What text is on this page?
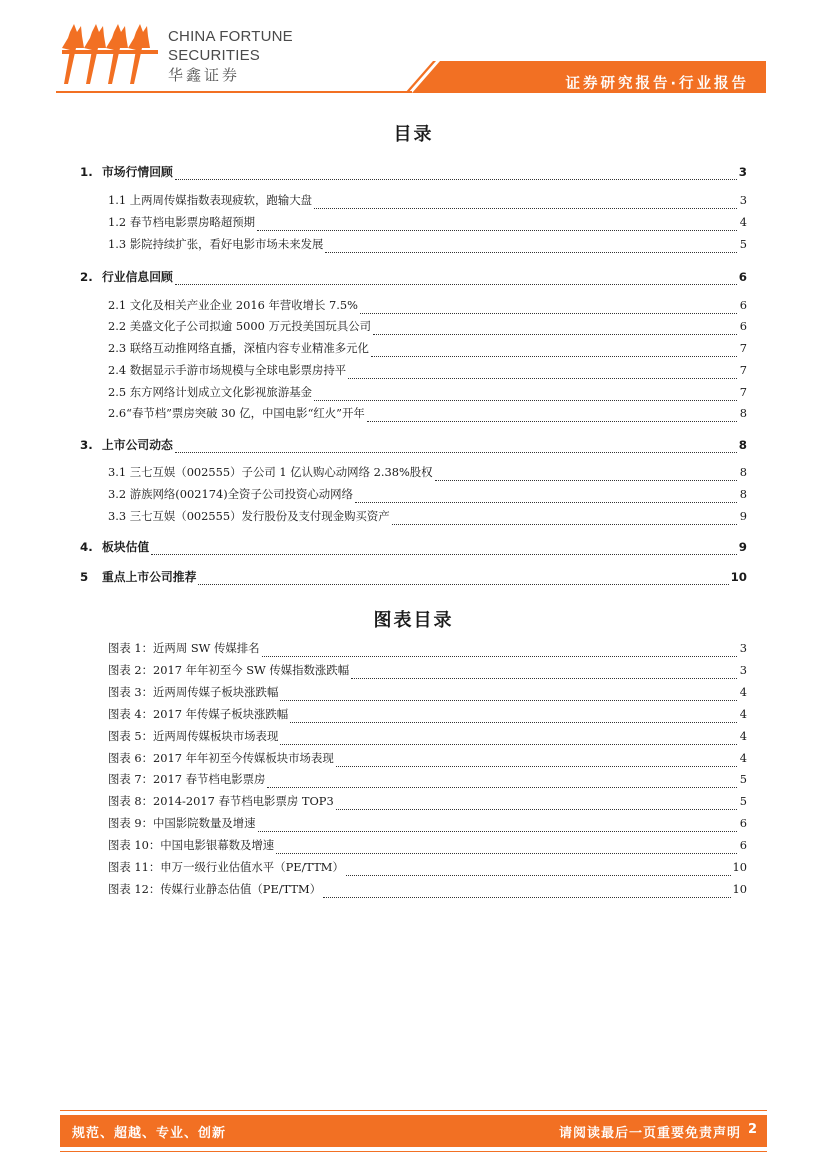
CHINA FORTUNE
SECURITIES
华鑫证券	证券研究报告·行业报告
目录
1. 市场行情回顾	3
1.1 上两周传媒指数表现疲软，跑输大盘	3
1.2 春节档电影票房略超预期	4
1.3 影院持续扩张，看好电影市场未来发展	5
2. 行业信息回顾	6
2.1 文化及相关产业企业 2016 年营收增长 7.5%	6
2.2 美盛文化子公司拟逾 5000 万元投美国玩具公司	6
2.3 联络互动推网络直播，深植内容专业精准多元化	7
2.4 数据显示手游市场规模与全球电影票房持平	7
2.5 东方网络计划成立文化影视旅游基金	7
2.6“春节档”票房突破 30 亿，中国电影“红火”开年	8
3. 上市公司动态	8
3.1 三七互娱（002555）子公司 1 亿认购心动网络 2.38%股权	8
3.2 游族网络(002174)全资子公司投资心动网络	8
3.3 三七互娱（002555）发行股份及支付现金购买资产	9
4. 板块估值	9
5	重点上市公司推荐	10
图表目录
图表 1：近两周 SW 传媒排名	3
图表 2：2017 年年初至今 SW 传媒指数涨跌幅	3
图表 3：近两周传媒子板块涨跌幅	4
图表 4：2017 年传媒子板块涨跌幅	4
图表 5：近两周传媒板块市场表现	4
图表 6：2017 年年初至今传媒板块市场表现	4
图表 7：2017 春节档电影票房	5
图表 8：2014-2017 春节档电影票房 TOP3	5
图表 9：中国影院数量及增速	6
图表 10：中国电影银幕数及增速	6
图表 11：申万一级行业估值水平（PE/TTM）	10
图表 12：传媒行业静态估值（PE/TTM）	10
规范、超越、专业、创新	请阅读最后一页重要免责声明 2
